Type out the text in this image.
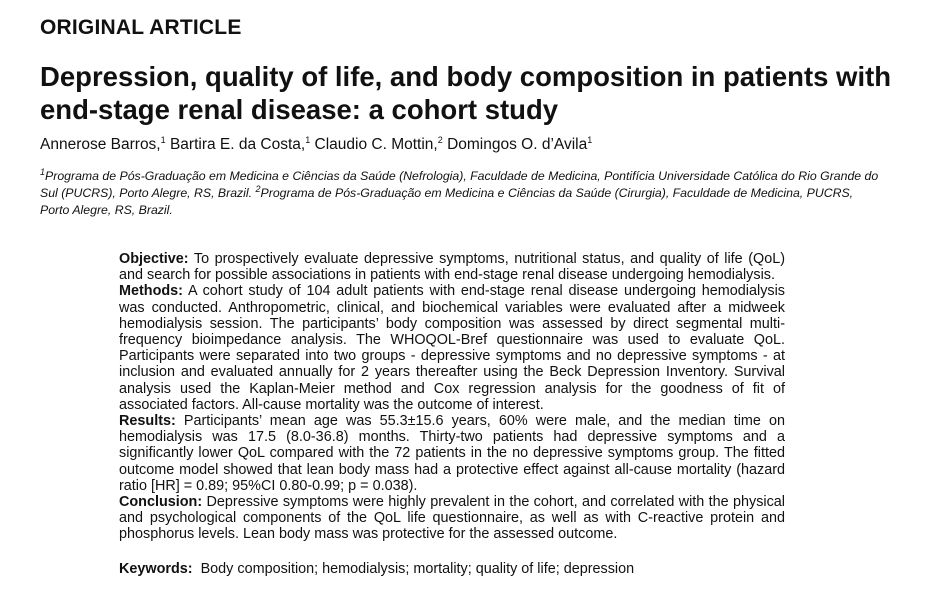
ORIGINAL ARTICLE
Depression, quality of life, and body composition in patients with end-stage renal disease: a cohort study
Annerose Barros,$^1$ Bartira E. da Costa,$^1$ Claudio C. Mottin,$^2$ Domingos O. d’Avila$^1$
$^1$Programa de Pós-Graduação em Medicina e Ciências da Saúde (Nefrologia), Faculdade de Medicina, Pontifícia Universidade Católica do Rio Grande do Sul (PUCRS), Porto Alegre, RS, Brazil. $^2$Programa de Pós-Graduação em Medicina e Ciências da Saúde (Cirurgia), Faculdade de Medicina, PUCRS, Porto Alegre, RS, Brazil.

Objective: To prospectively evaluate depressive symptoms, nutritional status, and quality of life (QoL) and search for possible associations in patients with end-stage renal disease undergoing hemodialysis.

Methods: A cohort study of 104 adult patients with end-stage renal disease undergoing hemodialysis was conducted. Anthropometric, clinical, and biochemical variables were evaluated after a midweek hemodialysis session. The participants’ body composition was assessed by direct segmental multi-frequency bioimpedance analysis. The WHOQOL-Bref questionnaire was used to evaluate QoL. Participants were separated into two groups - depressive symptoms and no depressive symptoms - at inclusion and evaluated annually for 2 years thereafter using the Beck Depression Inventory. Survival analysis used the Kaplan-Meier method and Cox regression analysis for the goodness of fit of associated factors. All-cause mortality was the outcome of interest.

Results: Participants’ mean age was 55.3±15.6 years, 60% were male, and the median time on hemodialysis was 17.5 (8.0-36.8) months. Thirty-two patients had depressive symptoms and a significantly lower QoL compared with the 72 patients in the no depressive symptoms group. The fitted outcome model showed that lean body mass had a protective effect against all-cause mortality (hazard ratio [HR] = 0.89; 95%CI 0.80-0.99; p = 0.038).

Conclusion: Depressive symptoms were highly prevalent in the cohort, and correlated with the physical and psychological components of the QoL life questionnaire, as well as with C-reactive protein and phosphorus levels. Lean body mass was protective for the assessed outcome.

Keywords: Body composition; hemodialysis; mortality; quality of life; depression
